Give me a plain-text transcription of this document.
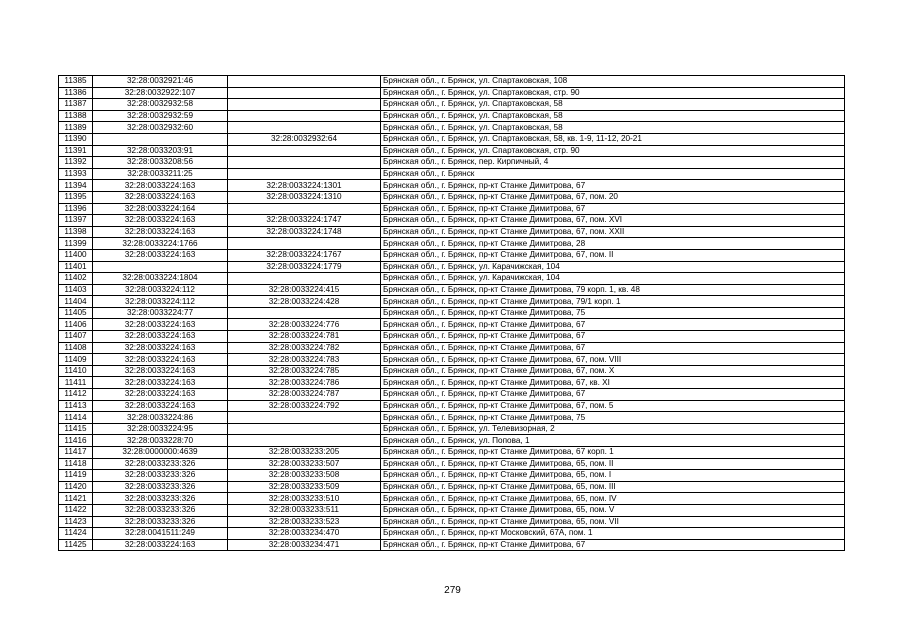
11385	32:28:0032921:46		Брянская обл., г. Брянск, ул. Спартаковская, 108
11386	32:28:0032922:107		Брянская обл., г. Брянск, ул. Спартаковская, стр. 90
11387	32:28:0032932:58		Брянская обл., г. Брянск, ул. Спартаковская, 58
11388	32:28:0032932:59		Брянская обл., г. Брянск, ул. Спартаковская, 58
11389	32:28:0032932:60		Брянская обл., г. Брянск, ул. Спартаковская, 58
11390		32:28:0032932:64	Брянская обл., г. Брянск, ул. Спартаковская, 58, кв. 1-9, 11-12, 20-21
11391	32:28:0033203:91		Брянская обл., г. Брянск, ул. Спартаковская, стр. 90
11392	32:28:0033208:56		Брянская обл., г. Брянск, пер. Кирпичный, 4
11393	32:28:0033211:25		Брянская обл., г. Брянск
11394	32:28:0033224:163	32:28:0033224:1301	Брянская обл., г. Брянск, пр-кт Станке Димитрова, 67
11395	32:28:0033224:163	32:28:0033224:1310	Брянская обл., г. Брянск, пр-кт Станке Димитрова, 67, пом. 20
11396	32:28:0033224:164		Брянская обл., г. Брянск, пр-кт Станке Димитрова, 67
11397	32:28:0033224:163	32:28:0033224:1747	Брянская обл., г. Брянск, пр-кт Станке Димитрова, 67, пом. XVI
11398	32:28:0033224:163	32:28:0033224:1748	Брянская обл., г. Брянск, пр-кт Станке Димитрова, 67, пом. XXII
11399	32:28:0033224:1766		Брянская обл., г. Брянск, пр-кт Станке Димитрова, 28
11400	32:28:0033224:163	32:28:0033224:1767	Брянская обл., г. Брянск, пр-кт Станке Димитрова, 67, пом. II
11401		32:28:0033224:1779	Брянская обл., г. Брянск, ул. Карачижская, 104
11402	32:28:0033224:1804		Брянская обл., г. Брянск, ул. Карачижская, 104
11403	32:28:0033224:112	32:28:0033224:415	Брянская обл., г. Брянск, пр-кт Станке Димитрова, 79 корп. 1, кв. 48
11404	32:28:0033224:112	32:28:0033224:428	Брянская обл., г. Брянск, пр-кт Станке Димитрова, 79/1 корп. 1
11405	32:28:0033224:77		Брянская обл., г. Брянск, пр-кт Станке Димитрова, 75
11406	32:28:0033224:163	32:28:0033224:776	Брянская обл., г. Брянск, пр-кт Станке Димитрова, 67
11407	32:28:0033224:163	32:28:0033224:781	Брянская обл., г. Брянск, пр-кт Станке Димитрова, 67
11408	32:28:0033224:163	32:28:0033224:782	Брянская обл., г. Брянск, пр-кт Станке Димитрова, 67
11409	32:28:0033224:163	32:28:0033224:783	Брянская обл., г. Брянск, пр-кт Станке Димитрова, 67, пом. VIII
11410	32:28:0033224:163	32:28:0033224:785	Брянская обл., г. Брянск, пр-кт Станке Димитрова, 67, пом. X
11411	32:28:0033224:163	32:28:0033224:786	Брянская обл., г. Брянск, пр-кт Станке Димитрова, 67, кв. XI
11412	32:28:0033224:163	32:28:0033224:787	Брянская обл., г. Брянск, пр-кт Станке Димитрова, 67
11413	32:28:0033224:163	32:28:0033224:792	Брянская обл., г. Брянск, пр-кт Станке Димитрова, 67, пом. 5
11414	32:28:0033224:86		Брянская обл., г. Брянск, пр-кт Станке Димитрова, 75
11415	32:28:0033224:95		Брянская обл., г. Брянск, ул. Телевизорная, 2
11416	32:28:0033228:70		Брянская обл., г. Брянск, ул. Попова, 1
11417	32:28:0000000:4639	32:28:0033233:205	Брянская обл., г. Брянск, пр-кт Станке Димитрова, 67 корп. 1
11418	32:28:0033233:326	32:28:0033233:507	Брянская обл., г. Брянск, пр-кт Станке Димитрова, 65, пом. II
11419	32:28:0033233:326	32:28:0033233:508	Брянская обл., г. Брянск, пр-кт Станке Димитрова, 65, пом. I
11420	32:28:0033233:326	32:28:0033233:509	Брянская обл., г. Брянск, пр-кт Станке Димитрова, 65, пом. III
11421	32:28:0033233:326	32:28:0033233:510	Брянская обл., г. Брянск, пр-кт Станке Димитрова, 65, пом. IV
11422	32:28:0033233:326	32:28:0033233:511	Брянская обл., г. Брянск, пр-кт Станке Димитрова, 65, пом. V
11423	32:28:0033233:326	32:28:0033233:523	Брянская обл., г. Брянск, пр-кт Станке Димитрова, 65, пом. VII
11424	32:28:0041511:249	32:28:0033234:470	Брянская обл., г. Брянск, пр-кт Московский, 67А, пом. 1
11425	32:28:0033224:163	32:28:0033234:471	Брянская обл., г. Брянск, пр-кт Станке Димитрова, 67
279
